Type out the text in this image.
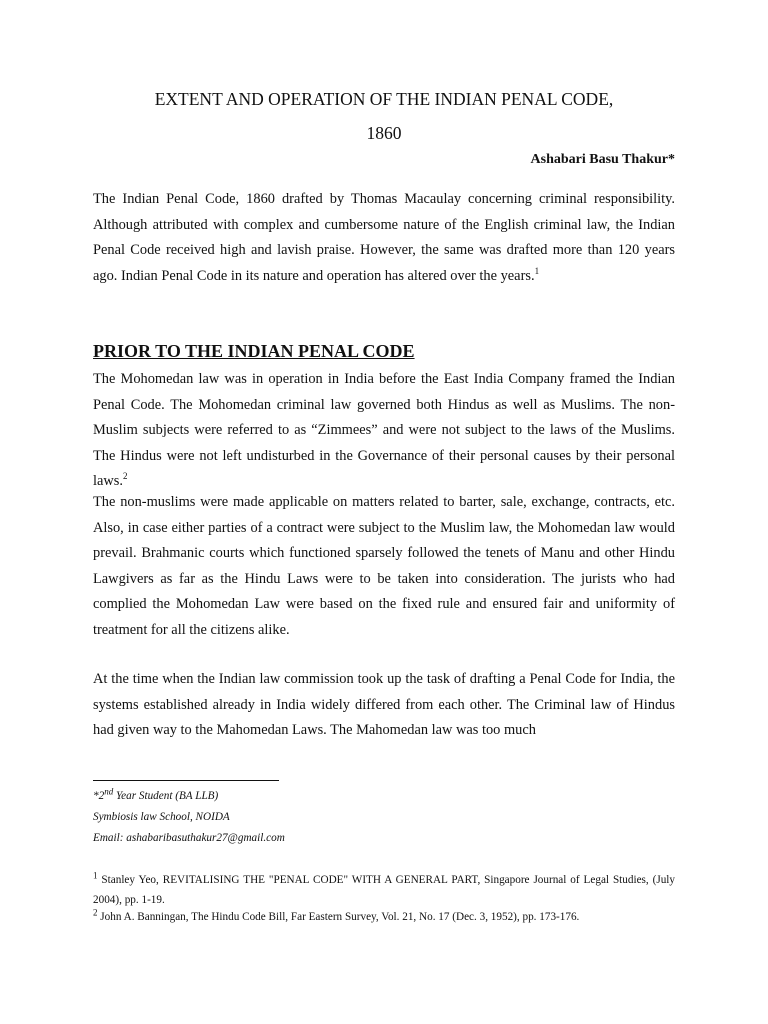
EXTENT AND OPERATION OF THE INDIAN PENAL CODE,
1860
Ashabari Basu Thakur*

The Indian Penal Code, 1860 drafted by Thomas Macaulay concerning criminal responsibility. Although attributed with complex and cumbersome nature of the English criminal law, the Indian Penal Code received high and lavish praise. However, the same was drafted more than 120 years ago. Indian Penal Code in its nature and operation has altered over the years.$^1$

PRIOR TO THE INDIAN PENAL CODE

The Mohomedan law was in operation in India before the East India Company framed the Indian Penal Code. The Mohomedan criminal law governed both Hindus as well as Muslims. The non-Muslim subjects were referred to as “Zimmees” and were not subject to the laws of the Muslims. The Hindus were not left undisturbed in the Governance of their personal causes by their personal laws.$^2$

The non-muslims were made applicable on matters related to barter, sale, exchange, contracts, etc. Also, in case either parties of a contract were subject to the Muslim law, the Mohomedan law would prevail. Brahmanic courts which functioned sparsely followed the tenets of Manu and other Hindu Lawgivers as far as the Hindu Laws were to be taken into consideration. The jurists who had complied the Mohomedan Law were based on the fixed rule and ensured fair and uniformity of treatment for all the citizens alike.

At the time when the Indian law commission took up the task of drafting a Penal Code for India, the systems established already in India widely differed from each other. The Criminal law of Hindus had given way to the Mahomedan Laws. The Mahomedan law was too much

*2nd Year Student (BA LLB)

Symbiosis law School, NOIDA

Email: ashabaribasuthakur27@gmail.com

$^1$ Stanley Yeo, REVITALISING THE "PENAL CODE" WITH A GENERAL PART, Singapore Journal of Legal Studies, (July 2004), pp. 1-19.

$^2$ John A. Banningan, The Hindu Code Bill, Far Eastern Survey, Vol. 21, No. 17 (Dec. 3, 1952), pp. 173-176.
